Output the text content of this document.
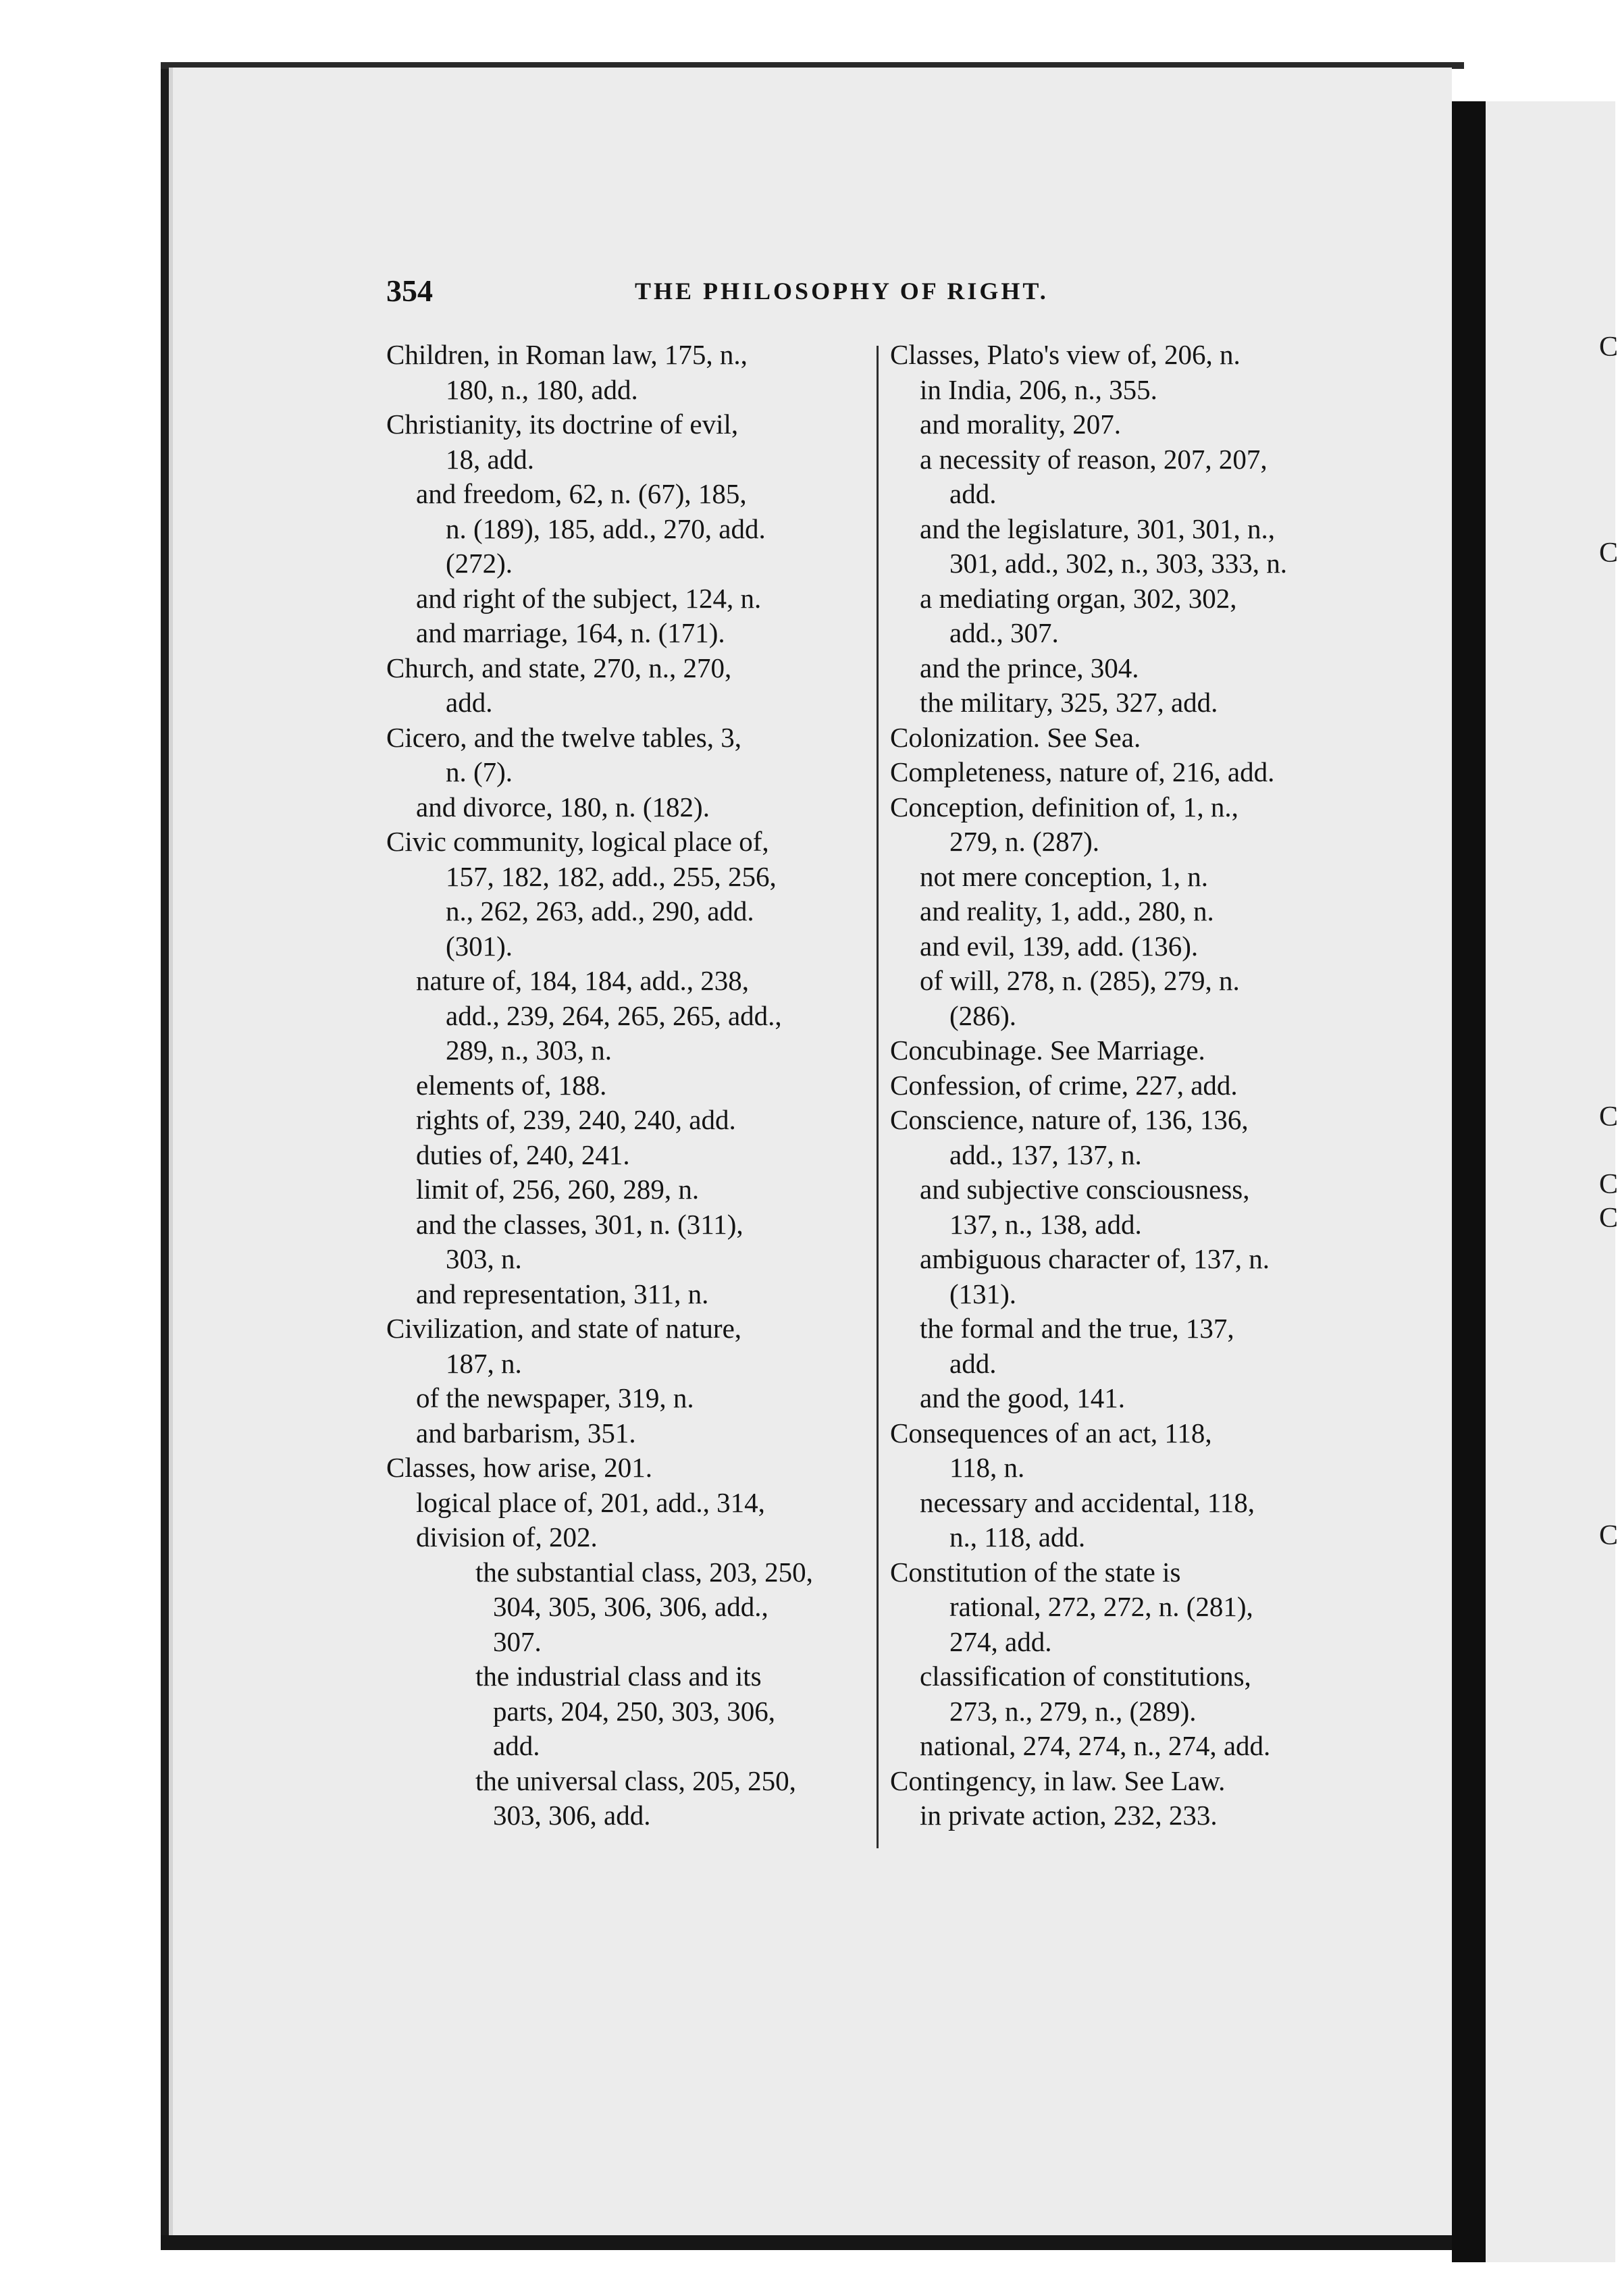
C
C
C
C
C
C
354	THE PHILOSOPHY OF RIGHT.
Children, in Roman law, 175, n.,
180, n., 180, add.
Christianity, its doctrine of evil,
18, add.
and freedom, 62, n. (67), 185,
n. (189), 185, add., 270, add.
(272).
and right of the subject, 124, n.
and marriage, 164, n. (171).
Church, and state, 270, n., 270,
add.
Cicero, and the twelve tables, 3,
n. (7).
and divorce, 180, n. (182).
Civic community, logical place of,
157, 182, 182, add., 255, 256,
n., 262, 263, add., 290, add.
(301).
nature of, 184, 184, add., 238,
add., 239, 264, 265, 265, add.,
289, n., 303, n.
elements of, 188.
rights of, 239, 240, 240, add.
duties of, 240, 241.
limit of, 256, 260, 289, n.
and the classes, 301, n. (311),
303, n.
and representation, 311, n.
Civilization, and state of nature,
187, n.
of the newspaper, 319, n.
and barbarism, 351.
Classes, how arise, 201.
logical place of, 201, add., 314,
division of, 202.
the substantial class, 203, 250,
304, 305, 306, 306, add.,
307.
the industrial class and its
parts, 204, 250, 303, 306,
add.
the universal class, 205, 250,
303, 306, add.
Classes, Plato's view of, 206, n.
in India, 206, n., 355.
and morality, 207.
a necessity of reason, 207, 207,
add.
and the legislature, 301, 301, n.,
301, add., 302, n., 303, 333, n.
a mediating organ, 302, 302,
add., 307.
and the prince, 304.
the military, 325, 327, add.
Colonization. See Sea.
Completeness, nature of, 216, add.
Conception, definition of, 1, n.,
279, n. (287).
not mere conception, 1, n.
and reality, 1, add., 280, n.
and evil, 139, add. (136).
of will, 278, n. (285), 279, n.
(286).
Concubinage. See Marriage.
Confession, of crime, 227, add.
Conscience, nature of, 136, 136,
add., 137, 137, n.
and subjective consciousness,
137, n., 138, add.
ambiguous character of, 137, n.
(131).
the formal and the true, 137,
add.
and the good, 141.
Consequences of an act, 118,
118, n.
necessary and accidental, 118,
n., 118, add.
Constitution of the state is
rational, 272, 272, n. (281),
274, add.
classification of constitutions,
273, n., 279, n., (289).
national, 274, 274, n., 274, add.
Contingency, in law. See Law.
in private action, 232, 233.
